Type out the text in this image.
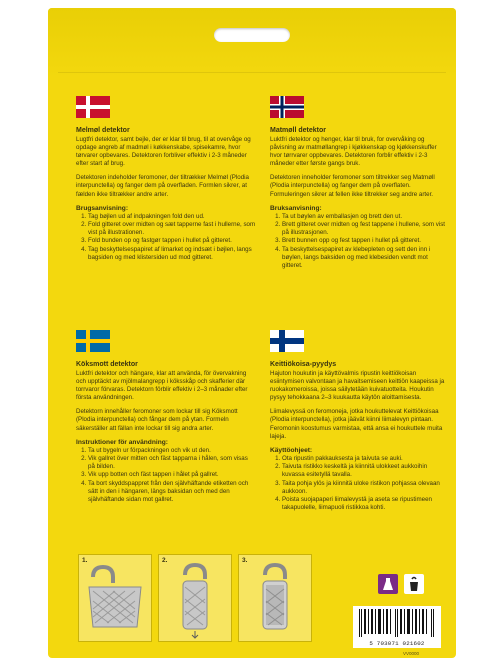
Melmøl detektor

Lugtfri detektor, samt bejle, der er klar til brug, til at overvåge og opdage angreb af madmøl i køkkenskabe, spisekamre, hvor tørvarer opbevares. Detektoren forbliver effektiv i 2-3 måneder efter start af brug.

Detektoren indeholder feromoner, der tiltrækker Melmøl (Plodia interpunctella) og fanger dem på overfladen. Formlen sikrer, at fælden ikke tiltrækker andre arter.

Brugsanvisning:

1. Tag bøjlen ud af indpakningen fold den ud.
2. Fold gitteret over midten og sæt tapperne fast i hullerne, som vist på illustrationen.
3. Fold bunden op og fastgør tappen i hullet på gitteret.
4. Tag beskyttelsespapiret af limarket og indsæt i bøjlen, langs bagsiden og med klistersiden ud mod gitteret.

Matmøll detektor

Luktfri detektor og henger, klar til bruk, for overvåking og påvisning av matmøllangrep i kjøkkenskap og kjøkkenskuffer hvor tørrvarer oppbevares. Detektoren forblir effektiv i 2-3 måneder etter første gangs bruk.

Detektoren inneholder feromoner som tiltrekker seg Matmøll (Plodia interpunctella) og fanger dem på overflaten. Formuleringen sikrer at fellen ikke tiltrekker seg andre arter.

Bruksanvisning:

1. Ta ut bøylen av emballasjen og brett den ut.
2. Brett gitteret over midten og fest tappene i hullene, som vist på illustrasjonen.
3. Brett bunnen opp og fest tappen i hullet på gitteret.
4. Ta beskyttelsespapiret av klebepleten og sett den inn i bøylen, langs baksiden og med klebesiden vendt mot gitteret.

Köksmott detektor

Luktfri detektor och hängare, klar att använda, för övervakning och upptäckt av mjölmalangrepp i köksskåp och skafferier där torrvaror förvaras. Detektorn förblir effektiv i 2–3 månader efter första användningen.

Detektorn innehåller feromoner som lockar till sig Köksmott (Plodia interpunctella) och fångar dem på ytan. Formeln säkerställer att fällan inte lockar till sig andra arter.

Instruktioner för användning:

1. Ta ut bygeln ur förpackningen och vik ut den.
2. Vik gallret över mitten och fäst tapparna i hålen, som visas på bilden.
3. Vik upp botten och fäst tappen i hålet på gallret.
4. Ta bort skyddspappret från den självhäftande etiketten och sätt in den i hängaren, längs baksidan och med den självhäftande sidan mot gallret.

Keittiökoisa-pyydys

Hajuton houkutin ja käyttövalmis ripustin keittiökoisan esiintymisen valvontaan ja havaitsemiseen keittiön kaapeissa ja ruokakomeroissa, joissa säilytetään kuivatuotteita. Houkutin pysyy tehokkaana 2–3 kuukautta käytön aloittamisesta.

Liimalevyssä on feromoneja, jotka houkuttelevat Keittiökoisaa (Plodia interpunctella), jotka jäävät kiinni liimalevyn pintaan. Feromonin koostumus varmistaa, että ansa ei houkuttele muita lajeja.

Käyttöohjeet:

1. Ota ripustin pakkauksesta ja taivuta se auki.
2. Taivuta ristikko keskeltä ja kiinnitä ulokkeet aukkoihin kuvassa esitetyllä tavalla.
3. Taita pohja ylös ja kiinnitä uloke ristikon pohjassa olevaan aukkoon.
4. Poista suojapaperi liimalevystä ja aseta se ripustimeen takapuolelle, liimapuoli ristikkoa kohti.
1.	2.	3.
5 703071 021602
VV0000
